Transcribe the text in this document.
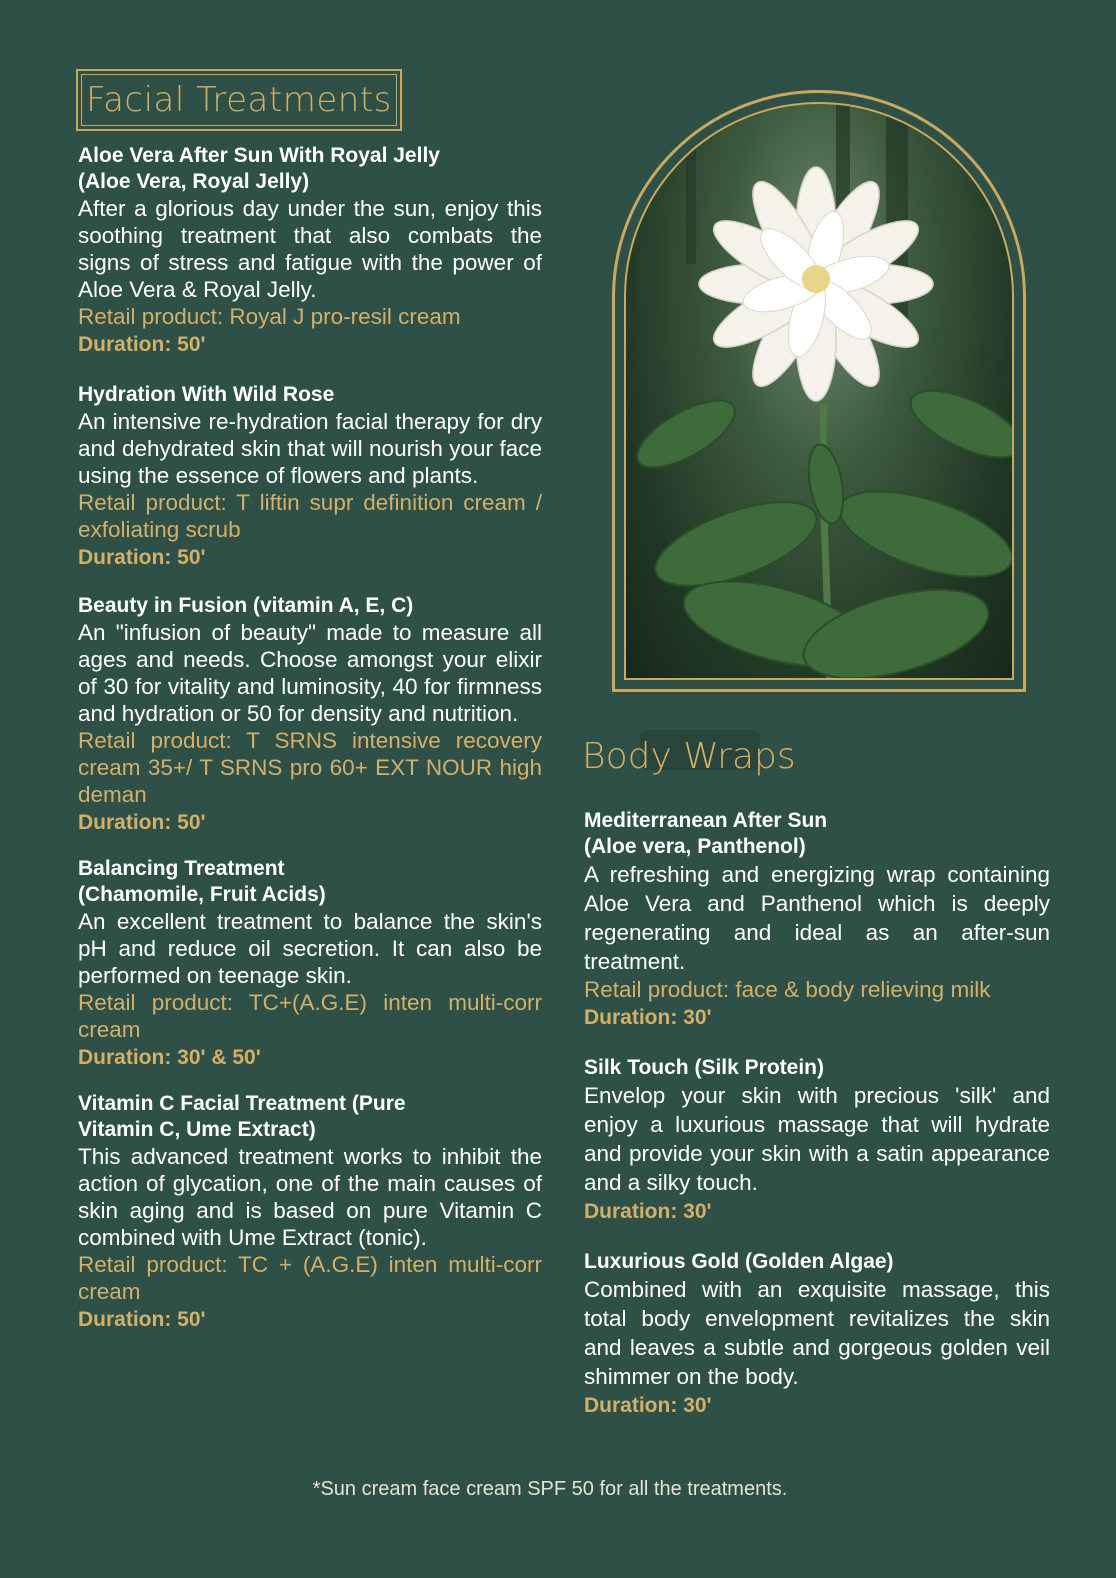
Facial Treatments
Aloe Vera After Sun With Royal Jelly (Aloe Vera, Royal Jelly)

After a glorious day under the sun, enjoy this soothing treatment that also combats the signs of stress and fatigue with the power of Aloe Vera & Royal Jelly.

Retail product: Royal J pro-resil cream

Duration: 50'

Hydration With Wild Rose

An intensive re-hydration facial therapy for dry and dehydrated skin that will nourish your face using the essence of flowers and plants.

Retail product: T liftin supr definition cream / exfoliating scrub

Duration: 50'

Beauty in Fusion (vitamin A, E, C)

An "infusion of beauty" made to measure all ages and needs. Choose amongst your elixir of 30 for vitality and luminosity, 40 for firmness and hydration or 50 for density and nutrition.

Retail product: T SRNS intensive recovery cream 35+/ T SRNS pro 60+ EXT NOUR high deman

Duration: 50'

Balancing Treatment (Chamomile, Fruit Acids)

An excellent treatment to balance the skin's pH and reduce oil secretion. It can also be performed on teenage skin.

Retail product: TC+(A.G.E) inten multi-corr cream

Duration: 30' & 50'

Vitamin C Facial Treatment (Pure Vitamin C, Ume Extract)

This advanced treatment works to inhibit the action of glycation, one of the main causes of skin aging and is based on pure Vitamin C combined with Ume Extract (tonic).

Retail product: TC + (A.G.E) inten multi-corr cream

Duration: 50'

Body Wraps
Mediterranean After Sun (Aloe vera, Panthenol)

A refreshing and energizing wrap containing Aloe Vera and Panthenol which is deeply regenerating and ideal as an after-sun treatment.

Retail product: face & body relieving milk

Duration: 30'

Silk Touch (Silk Protein)

Envelop your skin with precious 'silk' and enjoy a luxurious massage that will hydrate and provide your skin with a satin appearance and a silky touch.

Duration: 30'

Luxurious Gold (Golden Algae)

Combined with an exquisite massage, this total body envelopment revitalizes the skin and leaves a subtle and gorgeous golden veil shimmer on the body.

Duration: 30'

*Sun cream face cream SPF 50 for all the treatments.
